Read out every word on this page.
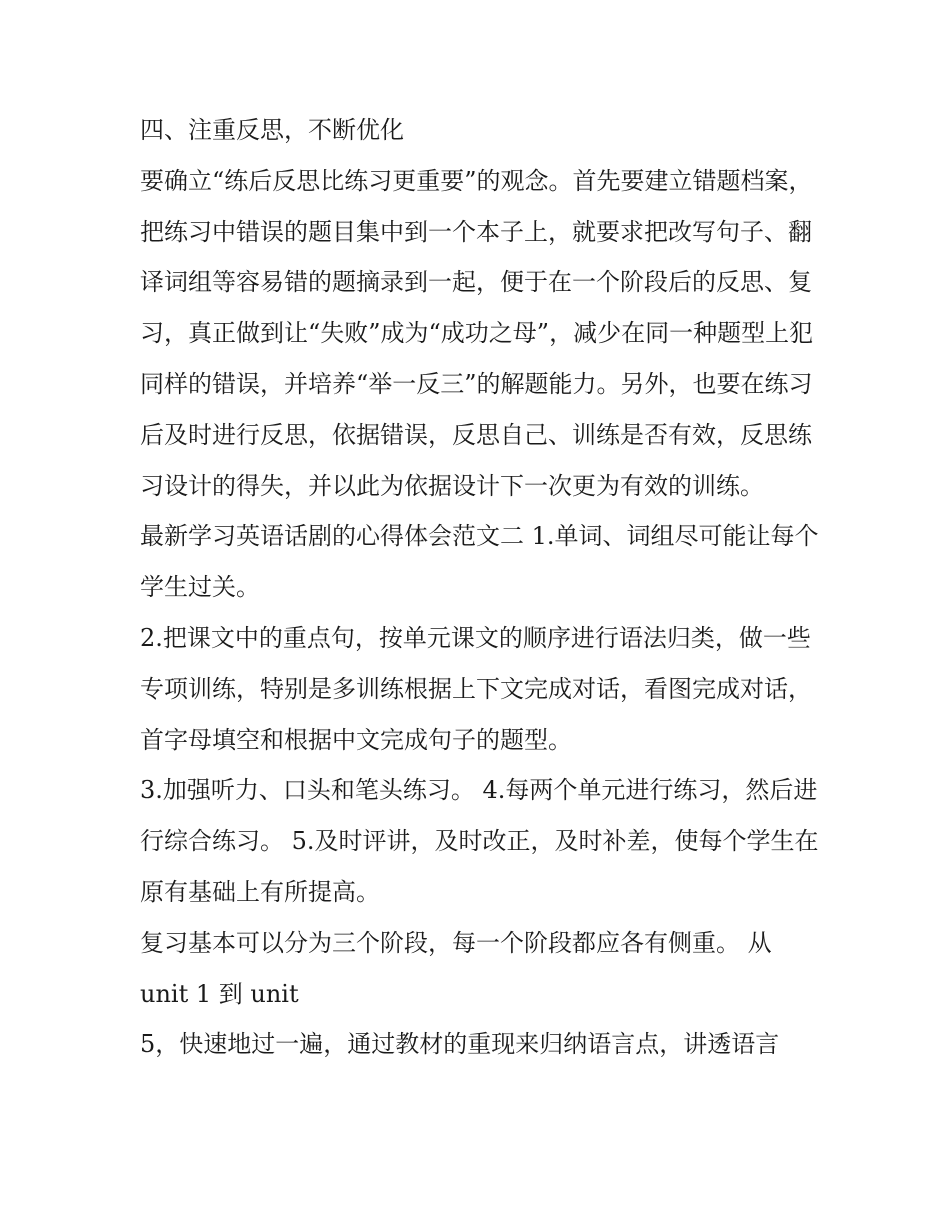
四、注重反思，不断优化

要确立“练后反思比练习更重要”的观念。首先要建立错题档案，把练习中错误的题目集中到一个本子上，就要求把改写句子、翻译词组等容易错的题摘录到一起，便于在一个阶段后的反思、复习，真正做到让“失败”成为“成功之母”，减少在同一种题型上犯同样的错误，并培养“举一反三”的解题能力。另外，也要在练习后及时进行反思，依据错误，反思自己、训练是否有效，反思练习设计的得失，并以此为依据设计下一次更为有效的训练。

最新学习英语话剧的心得体会范文二 1.单词、词组尽可能让每个学生过关。

2.把课文中的重点句，按单元课文的顺序进行语法归类，做一些专项训练，特别是多训练根据上下文完成对话，看图完成对话，首字母填空和根据中文完成句子的题型。

3.加强听力、口头和笔头练习。 4.每两个单元进行练习，然后进行综合练习。 5.及时评讲，及时改正，及时补差，使每个学生在原有基础上有所提高。

复习基本可以分为三个阶段，每一个阶段都应各有侧重。 从

unit 1 到 unit

5，快速地过一遍，通过教材的重现来归纳语言点，讲透语言
